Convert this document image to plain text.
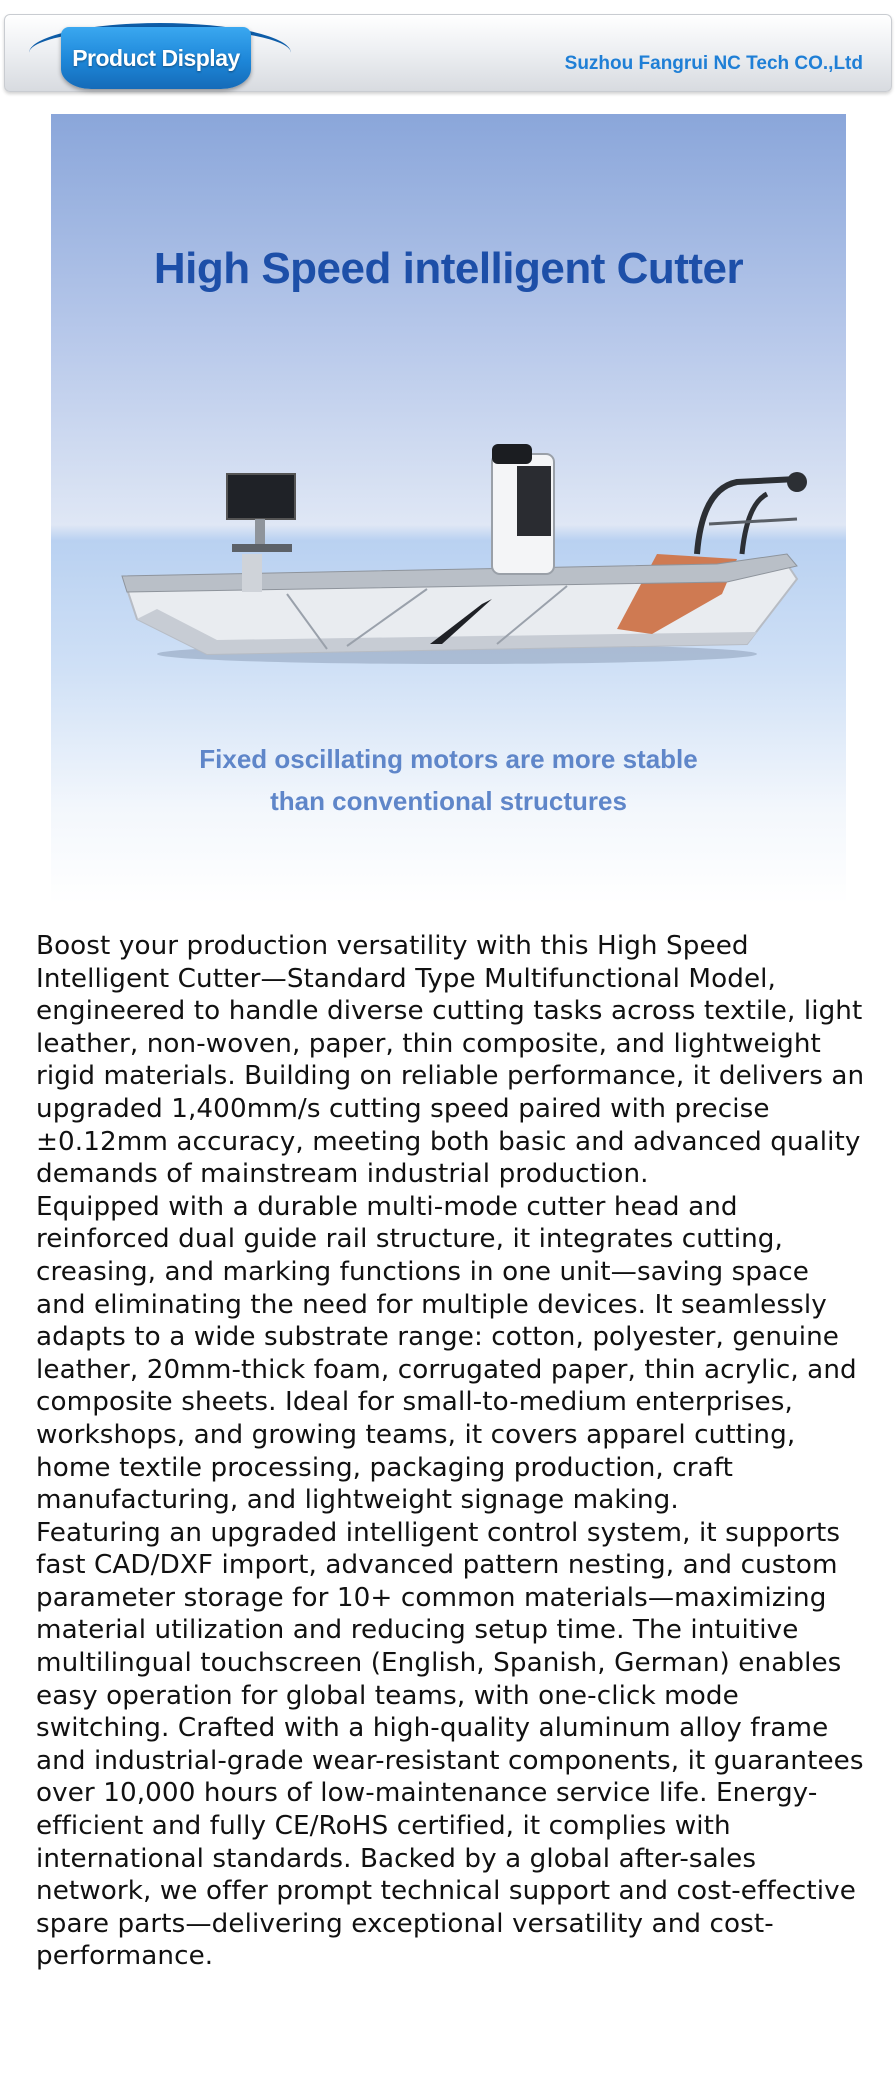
Product Display	Suzhou Fangrui NC Tech CO.,Ltd
High Speed intelligent Cutter
Fixed oscillating motors are more stable
than conventional structures

Boost your production versatility with this High Speed Intelligent Cutter—Standard Type Multifunctional Model, engineered to handle diverse cutting tasks across textile, light leather, non-woven, paper, thin composite, and lightweight rigid materials. Building on reliable performance, it delivers an upgraded 1,400mm/s cutting speed paired with precise ±0.12mm accuracy, meeting both basic and advanced quality demands of mainstream industrial production.

Equipped with a durable multi-mode cutter head and reinforced dual guide rail structure, it integrates cutting, creasing, and marking functions in one unit—saving space and eliminating the need for multiple devices. It seamlessly adapts to a wide substrate range: cotton, polyester, genuine leather, 20mm-thick foam, corrugated paper, thin acrylic, and composite sheets. Ideal for small-to-medium enterprises, workshops, and growing teams, it covers apparel cutting, home textile processing, packaging production, craft manufacturing, and lightweight signage making.

Featuring an upgraded intelligent control system, it supports fast CAD/DXF import, advanced pattern nesting, and custom parameter storage for 10+ common materials—maximizing material utilization and reducing setup time. The intuitive multilingual touchscreen (English, Spanish, German) enables easy operation for global teams, with one-click mode switching. Crafted with a high-quality aluminum alloy frame and industrial-grade wear-resistant components, it guarantees over 10,000 hours of low-maintenance service life. Energy-efficient and fully CE/RoHS certified, it complies with international standards. Backed by a global after-sales network, we offer prompt technical support and cost-effective spare parts—delivering exceptional versatility and cost-performance.
